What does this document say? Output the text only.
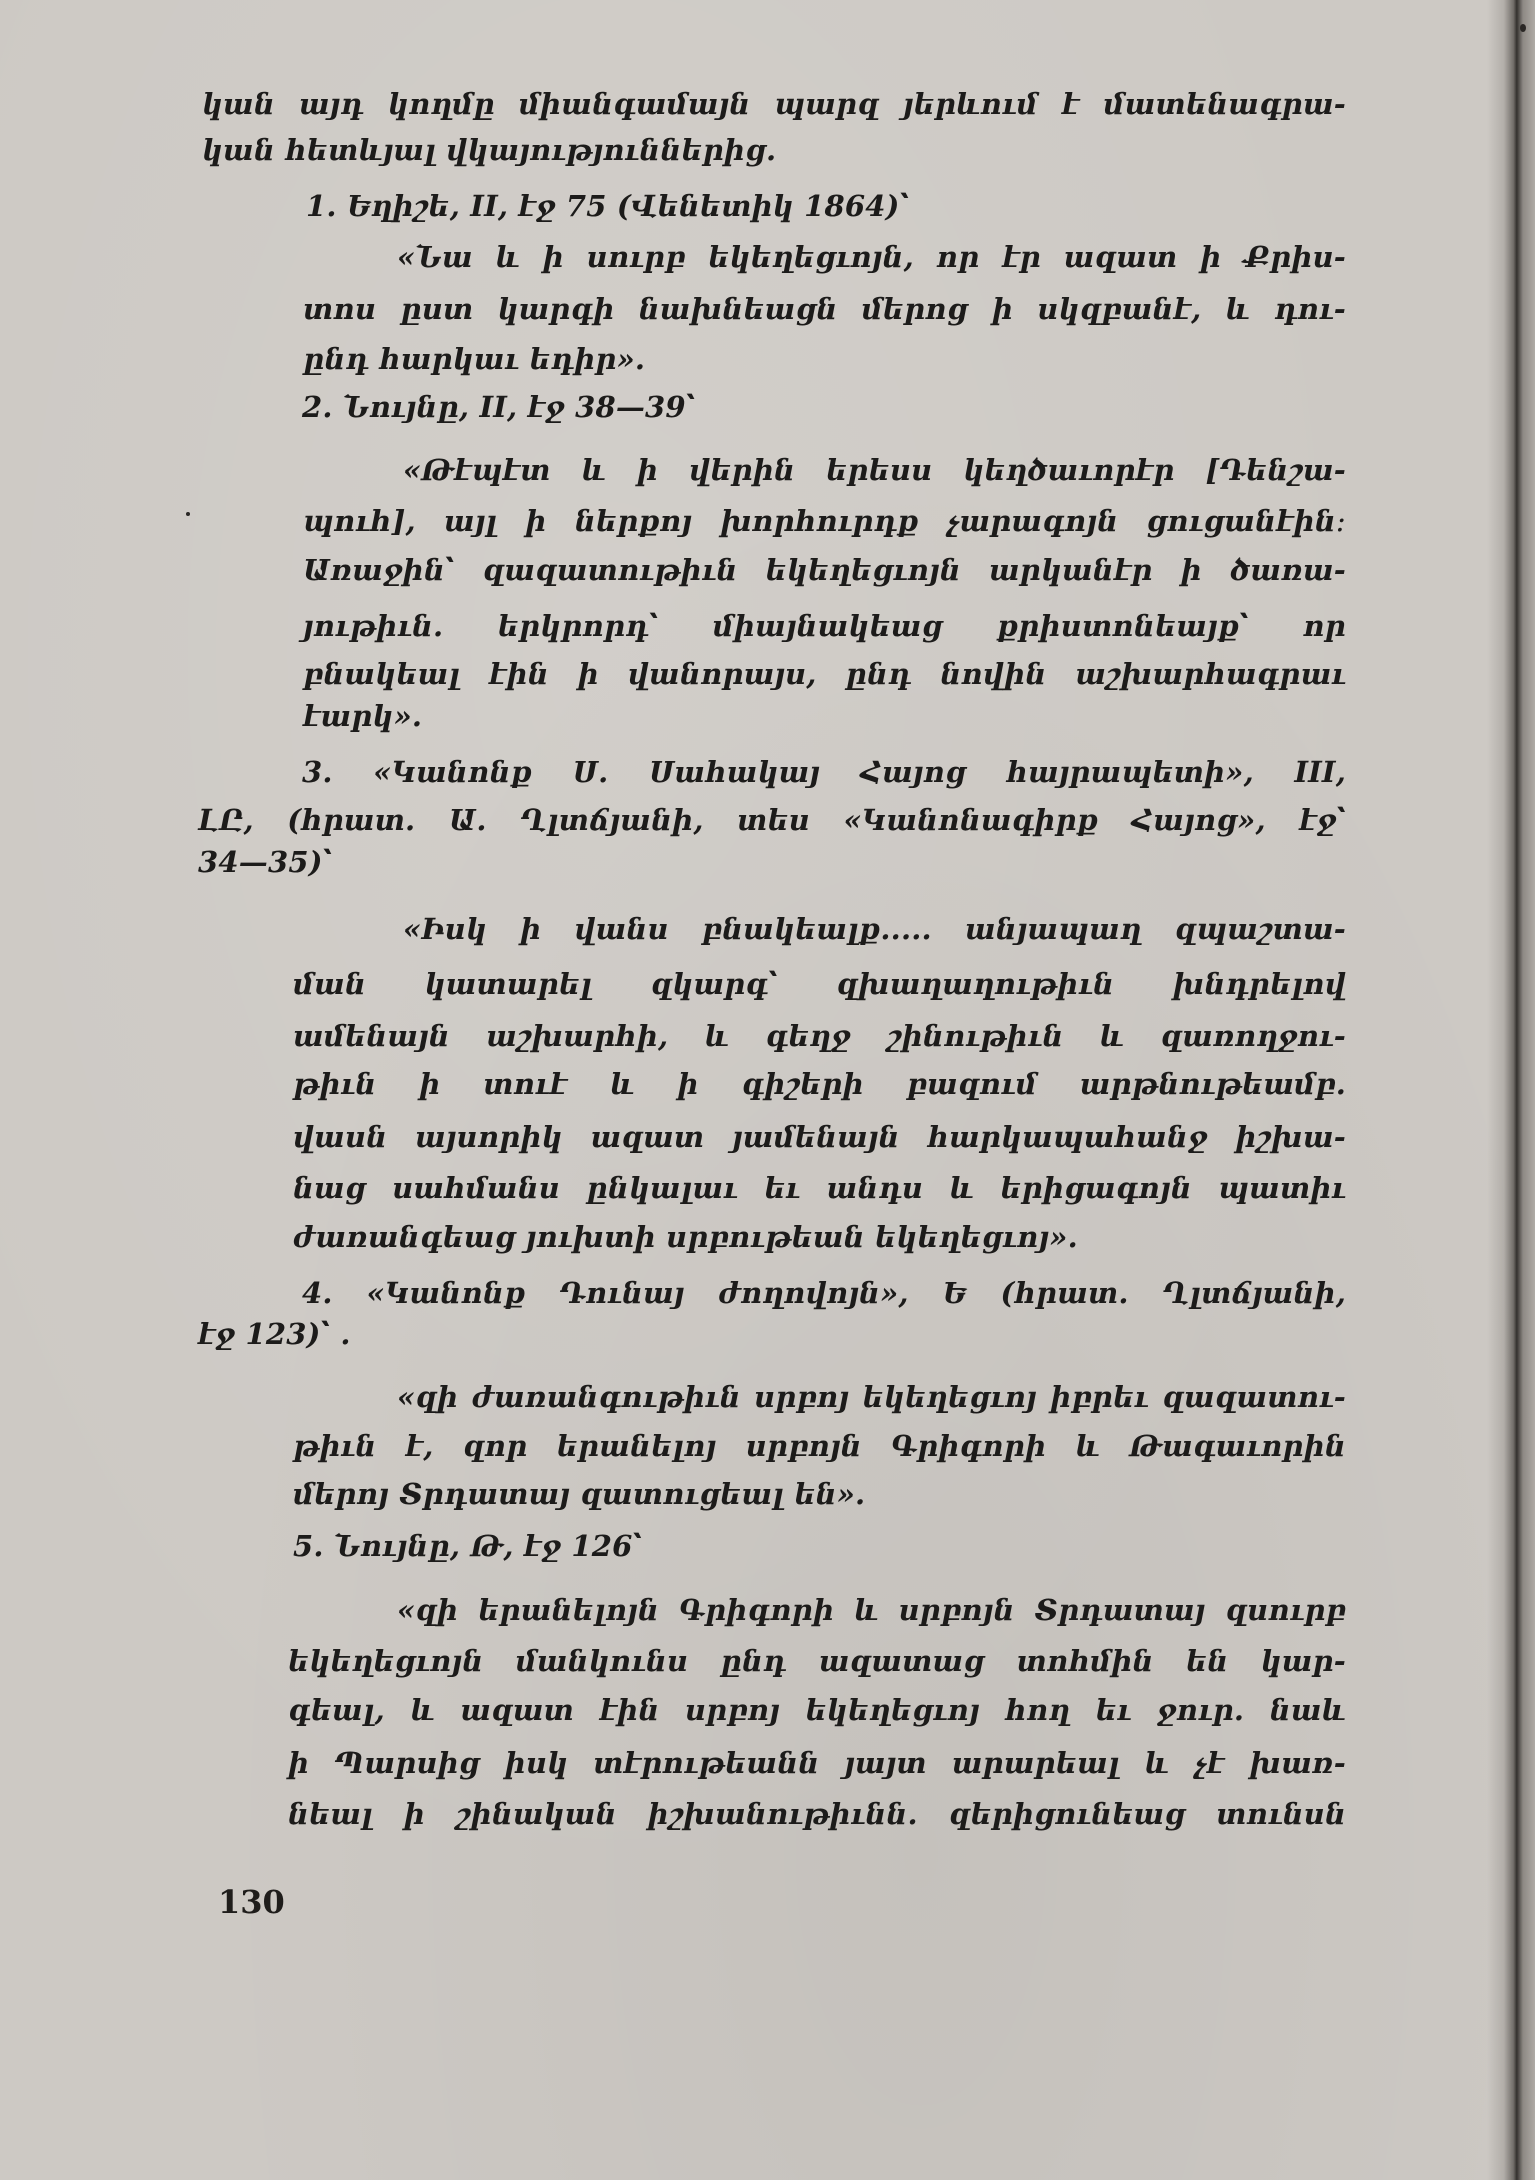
կան այդ կողմը միանգամայն պարզ յերևում է մատենագրա-
կան հետևյալ վկայություններից.
1. Եղիշե, II, էջ 75 (Վենետիկ 1864)՝
«Նա և ի սուրբ եկեղեցւոյն, որ էր ազատ ի Քրիս-
տոս ըստ կարգի նախնեացն մերոց ի սկզբանէ, և դու-
ընդ հարկաւ եդիր».
2. Նույնը, II, էջ 38—39՝
«Թէպէտ և ի վերին երեսս կեղծաւորէր [Դենշա-
պուհ], այլ ի ներքոյ խորհուրդք չարագոյն ցուցանէին։
Առաջին՝ զազատութիւն եկեղեցւոյն արկանէր ի ծառա-
յութիւն. երկրորդ՝ միայնակեաց քրիստոնեայք՝ որ
բնակեալ էին ի վանորայս, ընդ նովին աշխարհագրաւ
էարկ».
3. «Կանոնք Ս. Սահակայ Հայոց հայրապետի», III,
ԼԸ, (հրատ. Ա. Ղլտճյանի, տես «Կանոնագիրք Հայոց», էջ՝
34—35)՝
«Իսկ ի վանս բնակեալք..... անյապաղ զպաշտա-
ման կատարել զկարգ՝ զխաղաղութիւն խնդրելով
ամենայն աշխարհի, և գեղջ շինութիւն և զառողջու-
թիւն ի տուէ և ի գիշերի բազում արթնութեամբ.
վասն այսորիկ ազատ յամենայն հարկապահանջ իշխա-
նաց սահմանս ընկալաւ եւ անդս և երիցագոյն պատիւ
ժառանգեաց յուխտի սրբութեան եկեղեցւոյ».
4. «Կանոնք Դունայ ժողովոյն», Ե (հրատ. Ղլտճյանի,
էջ 123)՝ .
«զի ժառանգութիւն սրբոյ եկեղեցւոյ իբրեւ զազատու-
թիւն է, զոր երանելոյ սրբոյն Գրիգորի և Թագաւորին
մերոյ Տրդատայ զատուցեալ են».
5. Նույնը, Թ, էջ 126՝
«զի երանելոյն Գրիգորի և սրբոյն Տրդատայ զսուրբ
եկեղեցւոյն մանկունս ընդ ազատաց տոհմին են կար-
գեալ, և ազատ էին սրբոյ եկեղեցւոյ հող եւ ջուր. նաև
ի Պարսից իսկ տէրութեանն յայտ արարեալ և չէ խառ-
նեալ ի շինական իշխանութիւնն. զերիցունեաց տունսն
130
